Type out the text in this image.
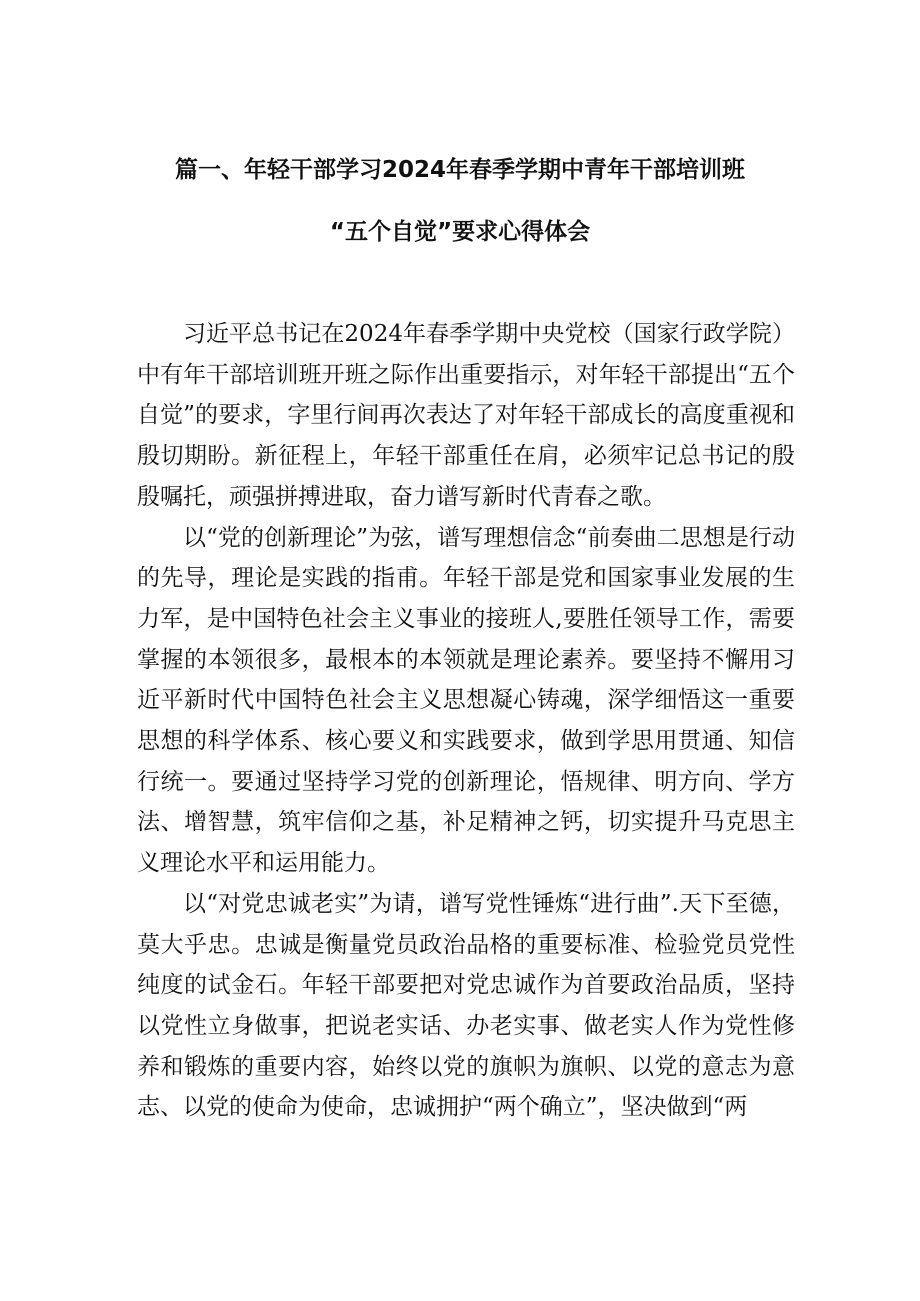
篇一、年轻干部学习2024年春季学期中青年干部培训班
“五个自觉”要求心得体会

习近平总书记在2024年春季学期中央党校（国家行政学院）中有年干部培训班开班之际作出重要指示，对年轻干部提出“五个自觉”的要求，字里行间再次表达了对年轻干部成长的高度重视和殷切期盼。新征程上，年轻干部重任在肩，必须牢记总书记的殷殷嘱托，顽强拼搏进取，奋力谱写新时代青春之歌。

以“党的创新理论”为弦，谱写理想信念“前奏曲二思想是行动的先导，理论是实践的指甫。年轻干部是党和国家事业发展的生力军，是中国特色社会主义事业的接班人,要胜任领导工作，需要掌握的本领很多，最根本的本领就是理论素养。要坚持不懈用习近平新时代中国特色社会主义思想凝心铸魂，深学细悟这一重要思想的科学体系、核心要义和实践要求，做到学思用贯通、知信行统一。要通过坚持学习党的创新理论，悟规律、明方向、学方法、增智慧，筑牢信仰之基，补足精神之钙，切实提升马克思主义理论水平和运用能力。

以“对党忠诚老实”为请，谱写党性锤炼“进行曲”.天下至德，莫大乎忠。忠诚是衡量党员政治品格的重要标准、检验党员党性纯度的试金石。年轻干部要把对党忠诚作为首要政治品质，坚持以党性立身做事，把说老实话、办老实事、做老实人作为党性修养和锻炼的重要内容，始终以党的旗帜为旗帜、以党的意志为意志、以党的使命为使命，忠诚拥护“两个确立”，坚决做到“两
